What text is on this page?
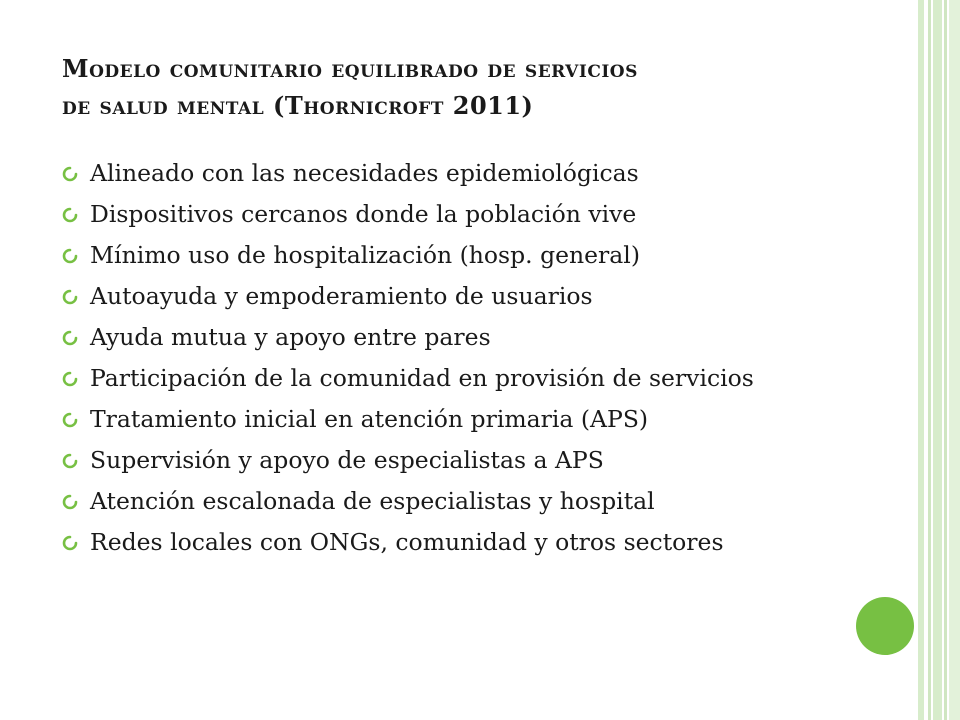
Modelo comunitario equilibrado de servicios
de salud mental (Thornicroft 2011)
Alineado con las necesidades epidemiológicas
Dispositivos cercanos donde la población vive
Mínimo uso de hospitalización (hosp. general)
Autoayuda y empoderamiento de usuarios
Ayuda mutua y apoyo entre pares
Participación de la comunidad en provisión de servicios
Tratamiento inicial en atención primaria (APS)
Supervisión y apoyo de especialistas a APS
Atención escalonada de especialistas y hospital
Redes locales con ONGs, comunidad y otros sectores
